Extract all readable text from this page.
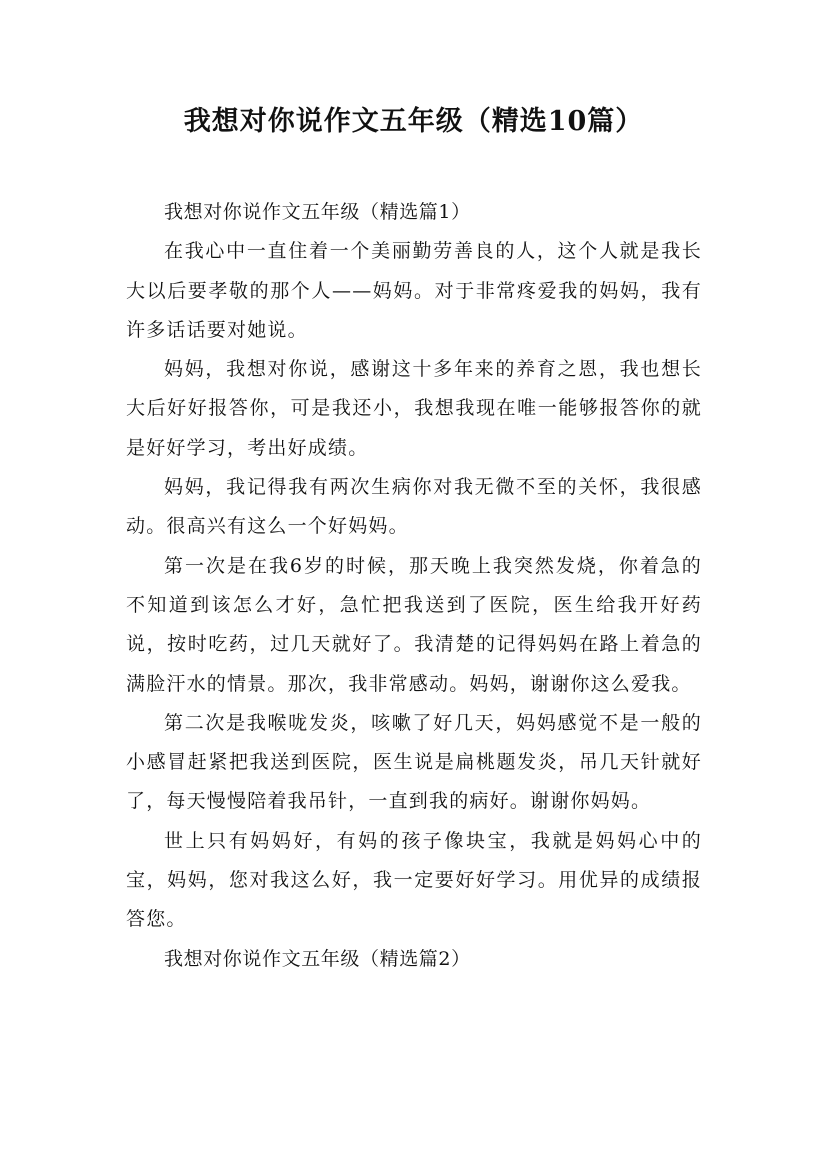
我想对你说作文五年级（精选10篇）

我想对你说作文五年级（精选篇1）

在我心中一直住着一个美丽勤劳善良的人，这个人就是我长大以后要孝敬的那个人——妈妈。对于非常疼爱我的妈妈，我有许多话话要对她说。

妈妈，我想对你说，感谢这十多年来的养育之恩，我也想长大后好好报答你，可是我还小，我想我现在唯一能够报答你的就是好好学习，考出好成绩。

妈妈，我记得我有两次生病你对我无微不至的关怀，我很感动。很高兴有这么一个好妈妈。

第一次是在我6岁的时候，那天晚上我突然发烧，你着急的不知道到该怎么才好，急忙把我送到了医院，医生给我开好药说，按时吃药，过几天就好了。我清楚的记得妈妈在路上着急的满脸汗水的情景。那次，我非常感动。妈妈，谢谢你这么爱我。

第二次是我喉咙发炎，咳嗽了好几天，妈妈感觉不是一般的小感冒赶紧把我送到医院，医生说是扁桃题发炎，吊几天针就好了，每天慢慢陪着我吊针，一直到我的病好。谢谢你妈妈。

世上只有妈妈好，有妈的孩子像块宝，我就是妈妈心中的宝，妈妈，您对我这么好，我一定要好好学习。用优异的成绩报答您。

我想对你说作文五年级（精选篇2）
